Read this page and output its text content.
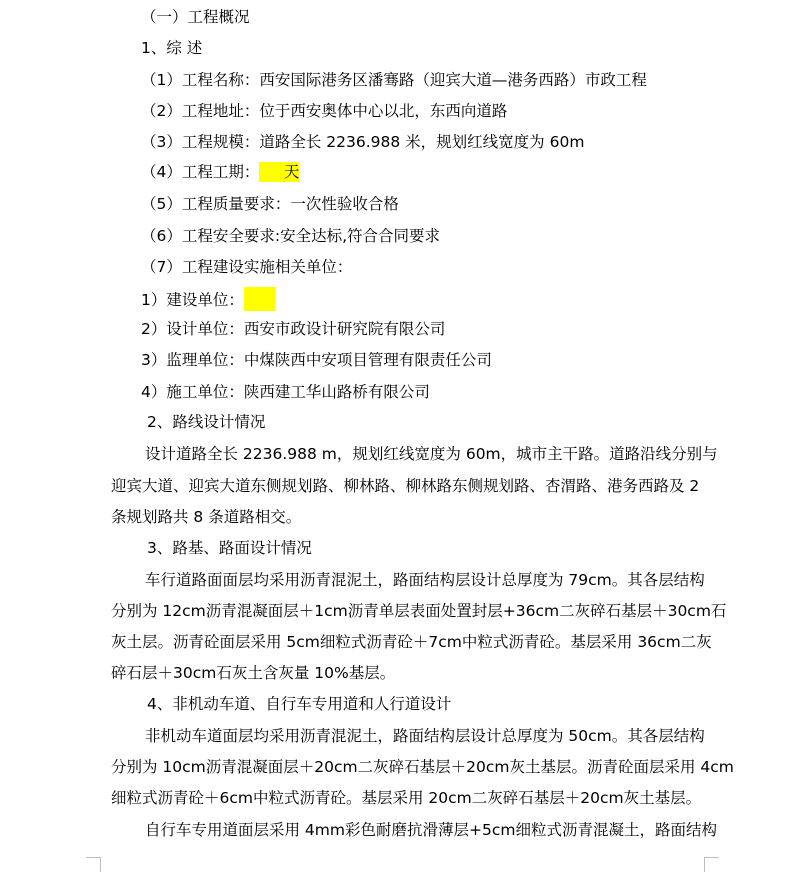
（一）工程概况
1、综 述
（1）工程名称：西安国际港务区潘骞路（迎宾大道—港务西路）市政工程
（2）工程地址：位于西安奥体中心以北，东西向道路
（3）工程规模：道路全长 2236.988 米，规划红线宽度为 60m
（4）工程工期： 天
（5）工程质量要求：一次性验收合格
（6）工程安全要求:安全达标,符合合同要求
（7）工程建设实施相关单位：
1）建设单位：
2）设计单位：西安市政设计研究院有限公司
3）监理单位：中煤陕西中安项目管理有限责任公司
4）施工单位：陕西建工华山路桥有限公司
2、路线设计情况
设计道路全长 2236.988 m，规划红线宽度为 60m，城市主干路。道路沿线分别与
迎宾大道、迎宾大道东侧规划路、柳林路、柳林路东侧规划路、杏渭路、港务西路及 2
条规划路共 8 条道路相交。
3、路基、路面设计情况
车行道路面面层均采用沥青混泥土，路面结构层设计总厚度为 79cm。其各层结构
分别为 12cm沥青混凝面层＋1cm沥青单层表面处置封层+36cm二灰碎石基层＋30cm石
灰土层。沥青砼面层采用 5cm细粒式沥青砼＋7cm中粒式沥青砼。基层采用 36cm二灰
碎石层＋30cm石灰土含灰量 10%基层。
4、非机动车道、自行车专用道和人行道设计
非机动车道面层均采用沥青混泥土，路面结构层设计总厚度为 50cm。其各层结构
分别为 10cm沥青混凝面层＋20cm二灰碎石基层＋20cm灰土基层。沥青砼面层采用 4cm
细粒式沥青砼＋6cm中粒式沥青砼。基层采用 20cm二灰碎石基层＋20cm灰土基层。
自行车专用道面层采用 4mm彩色耐磨抗滑薄层+5cm细粒式沥青混凝土，路面结构
